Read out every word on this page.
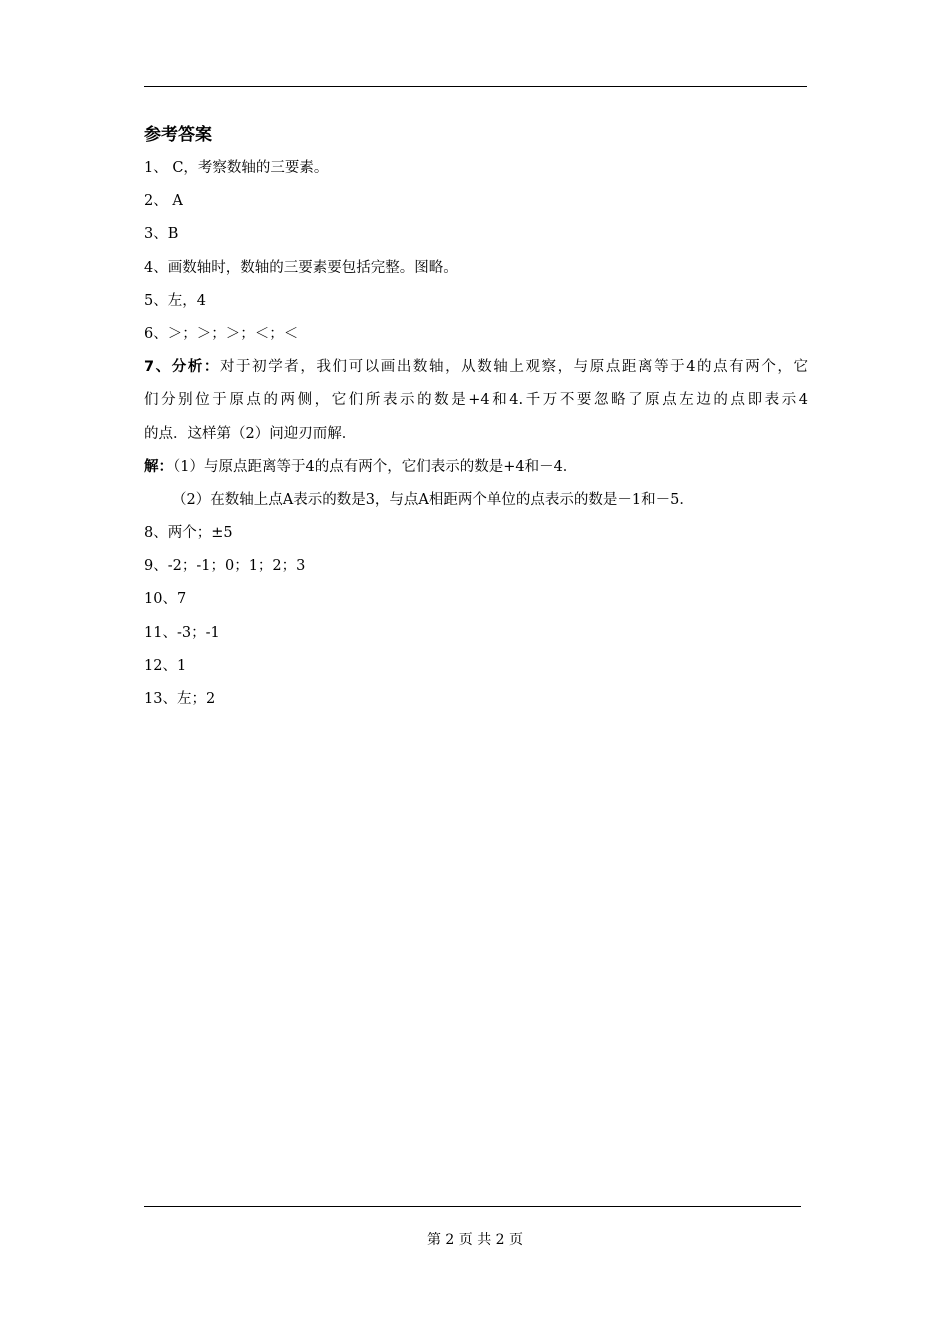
参考答案
1、 C，考察数轴的三要素。
2、 A
3、B
4、画数轴时，数轴的三要素要包括完整。图略。
5、左，4
6、＞；＞；＞；＜；＜
7、分析：对于初学者，我们可以画出数轴，从数轴上观察，与原点距离等于4的点有两个，它
们分别位于原点的两侧，它们所表示的数是+4和4.千万不要忽略了原点左边的点即表示4
的点．这样第（2）问迎刃而解．
解：（1）与原点距离等于4的点有两个，它们表示的数是+4和－4．
（2）在数轴上点A表示的数是3，与点A相距两个单位的点表示的数是－1和－5．
8、两个；±5
9、-2；-1；0；1；2；3
10、7
11、-3；-1
12、1
13、左；2
第 2 页 共 2 页
